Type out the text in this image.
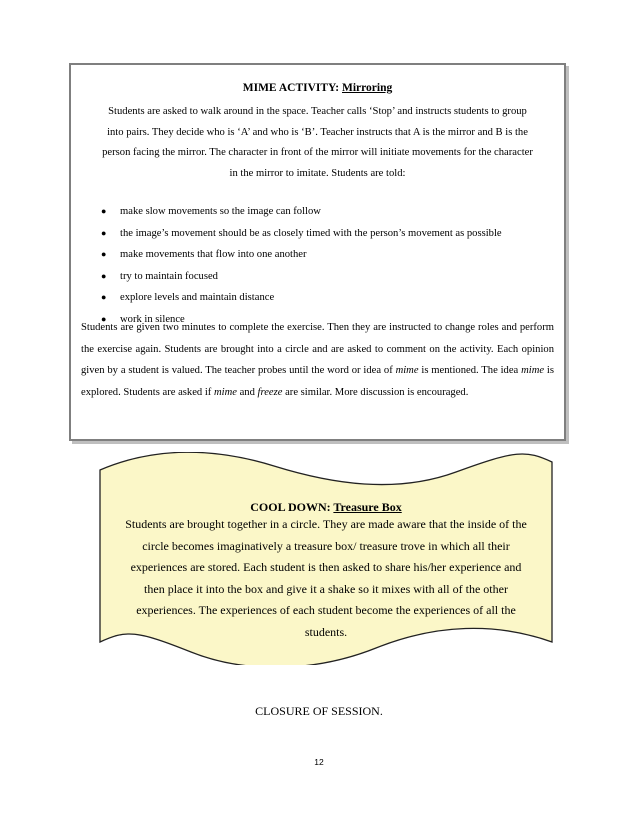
MIME ACTIVITY: Mirroring
Students are asked to walk around in the space. Teacher calls ‘Stop’ and instructs students to group
into pairs. They decide who is ‘A’ and who is ‘B’. Teacher instructs that A is the mirror and B is the
person facing the mirror. The character in front of the mirror will initiate movements for the character
in the mirror to imitate. Students are told:
● make slow movements so the image can follow
● the image’s movement should be as closely timed with the person’s movement as possible
● make movements that flow into one another
● try to maintain focused
● explore levels and maintain distance
● work in silence
Students are given two minutes to complete the exercise. Then they are instructed to change roles and perform the exercise again. Students are brought into a circle and are asked to comment on the activity. Each opinion given by a student is valued. The teacher probes until the word or idea of mime is mentioned. The idea mime is explored. Students are asked if mime and freeze are similar. More discussion is encouraged.
COOL DOWN: Treasure Box
Students are brought together in a circle. They are made aware that the inside of the
circle becomes imaginatively a treasure box/ treasure trove in which all their
experiences are stored. Each student is then asked to share his/her experience and
then place it into the box and give it a shake so it mixes with all of the other
experiences. The experiences of each student become the experiences of all the
students.
CLOSURE OF SESSION.
12
